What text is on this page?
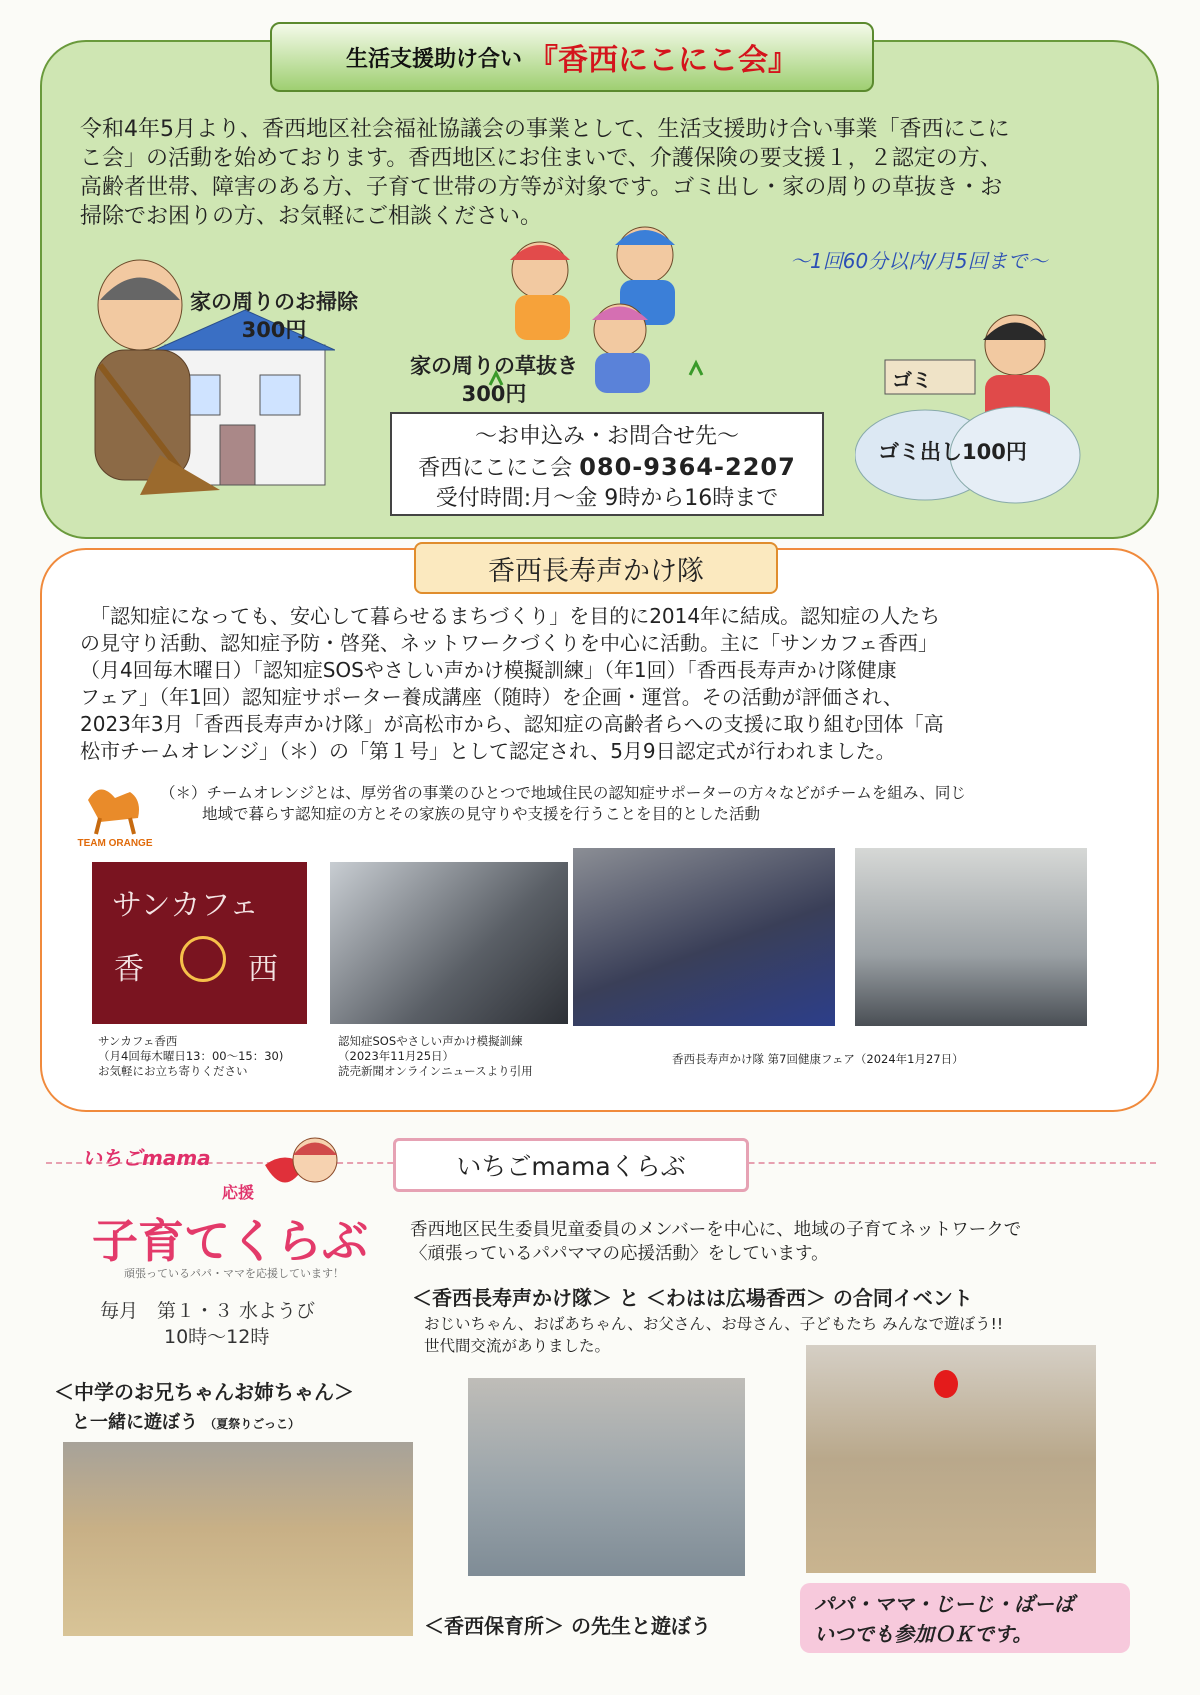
生活支援助け合い 『香西にこにこ会』
令和4年5月より、香西地区社会福祉協議会の事業として、生活支援助け合い事業「香西にこに
こ会」の活動を始めております。香西地区にお住まいで、介護保険の要支援１，２認定の方、
高齢者世帯、障害のある方、子育て世帯の方等が対象です。ゴミ出し・家の周りの草抜き・お
掃除でお困りの方、お気軽にご相談ください。
～1回60分以内/月5回まで～
家の周りのお掃除
300円
家の周りの草抜き
300円
ゴミ
ゴミ出し100円
～お申込み・お問合せ先～
香西にこにこ会 080-9364-2207
受付時間:月～金 9時から16時まで
香西長寿声かけ隊
　「認知症になっても、安心して暮らせるまちづくり」を目的に2014年に結成。認知症の人たち
の見守り活動、認知症予防・啓発、ネットワークづくりを中心に活動。主に「サンカフェ香西」
（月4回毎木曜日）「認知症SOSやさしい声かけ模擬訓練」（年1回）「香西長寿声かけ隊健康
フェア」（年1回）認知症サポーター養成講座（随時）を企画・運営。その活動が評価され、
2023年3月「香西長寿声かけ隊」が高松市から、認知症の高齢者らへの支援に取り組む団体「高
松市チームオレンジ」（＊）の「第１号」として認定され、5月9日認定式が行われました。
TEAM ORANGE
（＊）チームオレンジとは、厚労省の事業のひとつで地域住民の認知症サポーターの方々などがチームを組み、同じ
地域で暮らす認知症の方とその家族の見守りや支援を行うことを目的とした活動
サンカフェ
香	西
サンカフェ香西
（月4回毎木曜日13：00～15：30)
お気軽にお立ち寄りください
認知症SOSやさしい声かけ模擬訓練
（2023年11月25日）
読売新聞オンラインニュースより引用
香西長寿声かけ隊 第7回健康フェア（2024年1月27日）
いちごmamaくらぶ
いちごmama
応援
子育てくらぶ
頑張っているパパ・ママを応援しています！
毎月　第１・３ 水ようび
10時～12時
＜中学のお兄ちゃんお姉ちゃん＞
と一緒に遊ぼう （夏祭りごっこ）
香西地区民生委員児童委員のメンバーを中心に、地域の子育てネットワークで
〈頑張っているパパママの応援活動〉をしています。
＜香西長寿声かけ隊＞ と ＜わはは広場香西＞ の合同イベント
おじいちゃん、おばあちゃん、お父さん、お母さん、子どもたち みんなで遊ぼう!!
世代間交流がありました。
＜香西保育所＞ の先生と遊ぼう
パパ・ママ・じーじ・ばーば
いつでも参加ＯＫです。
